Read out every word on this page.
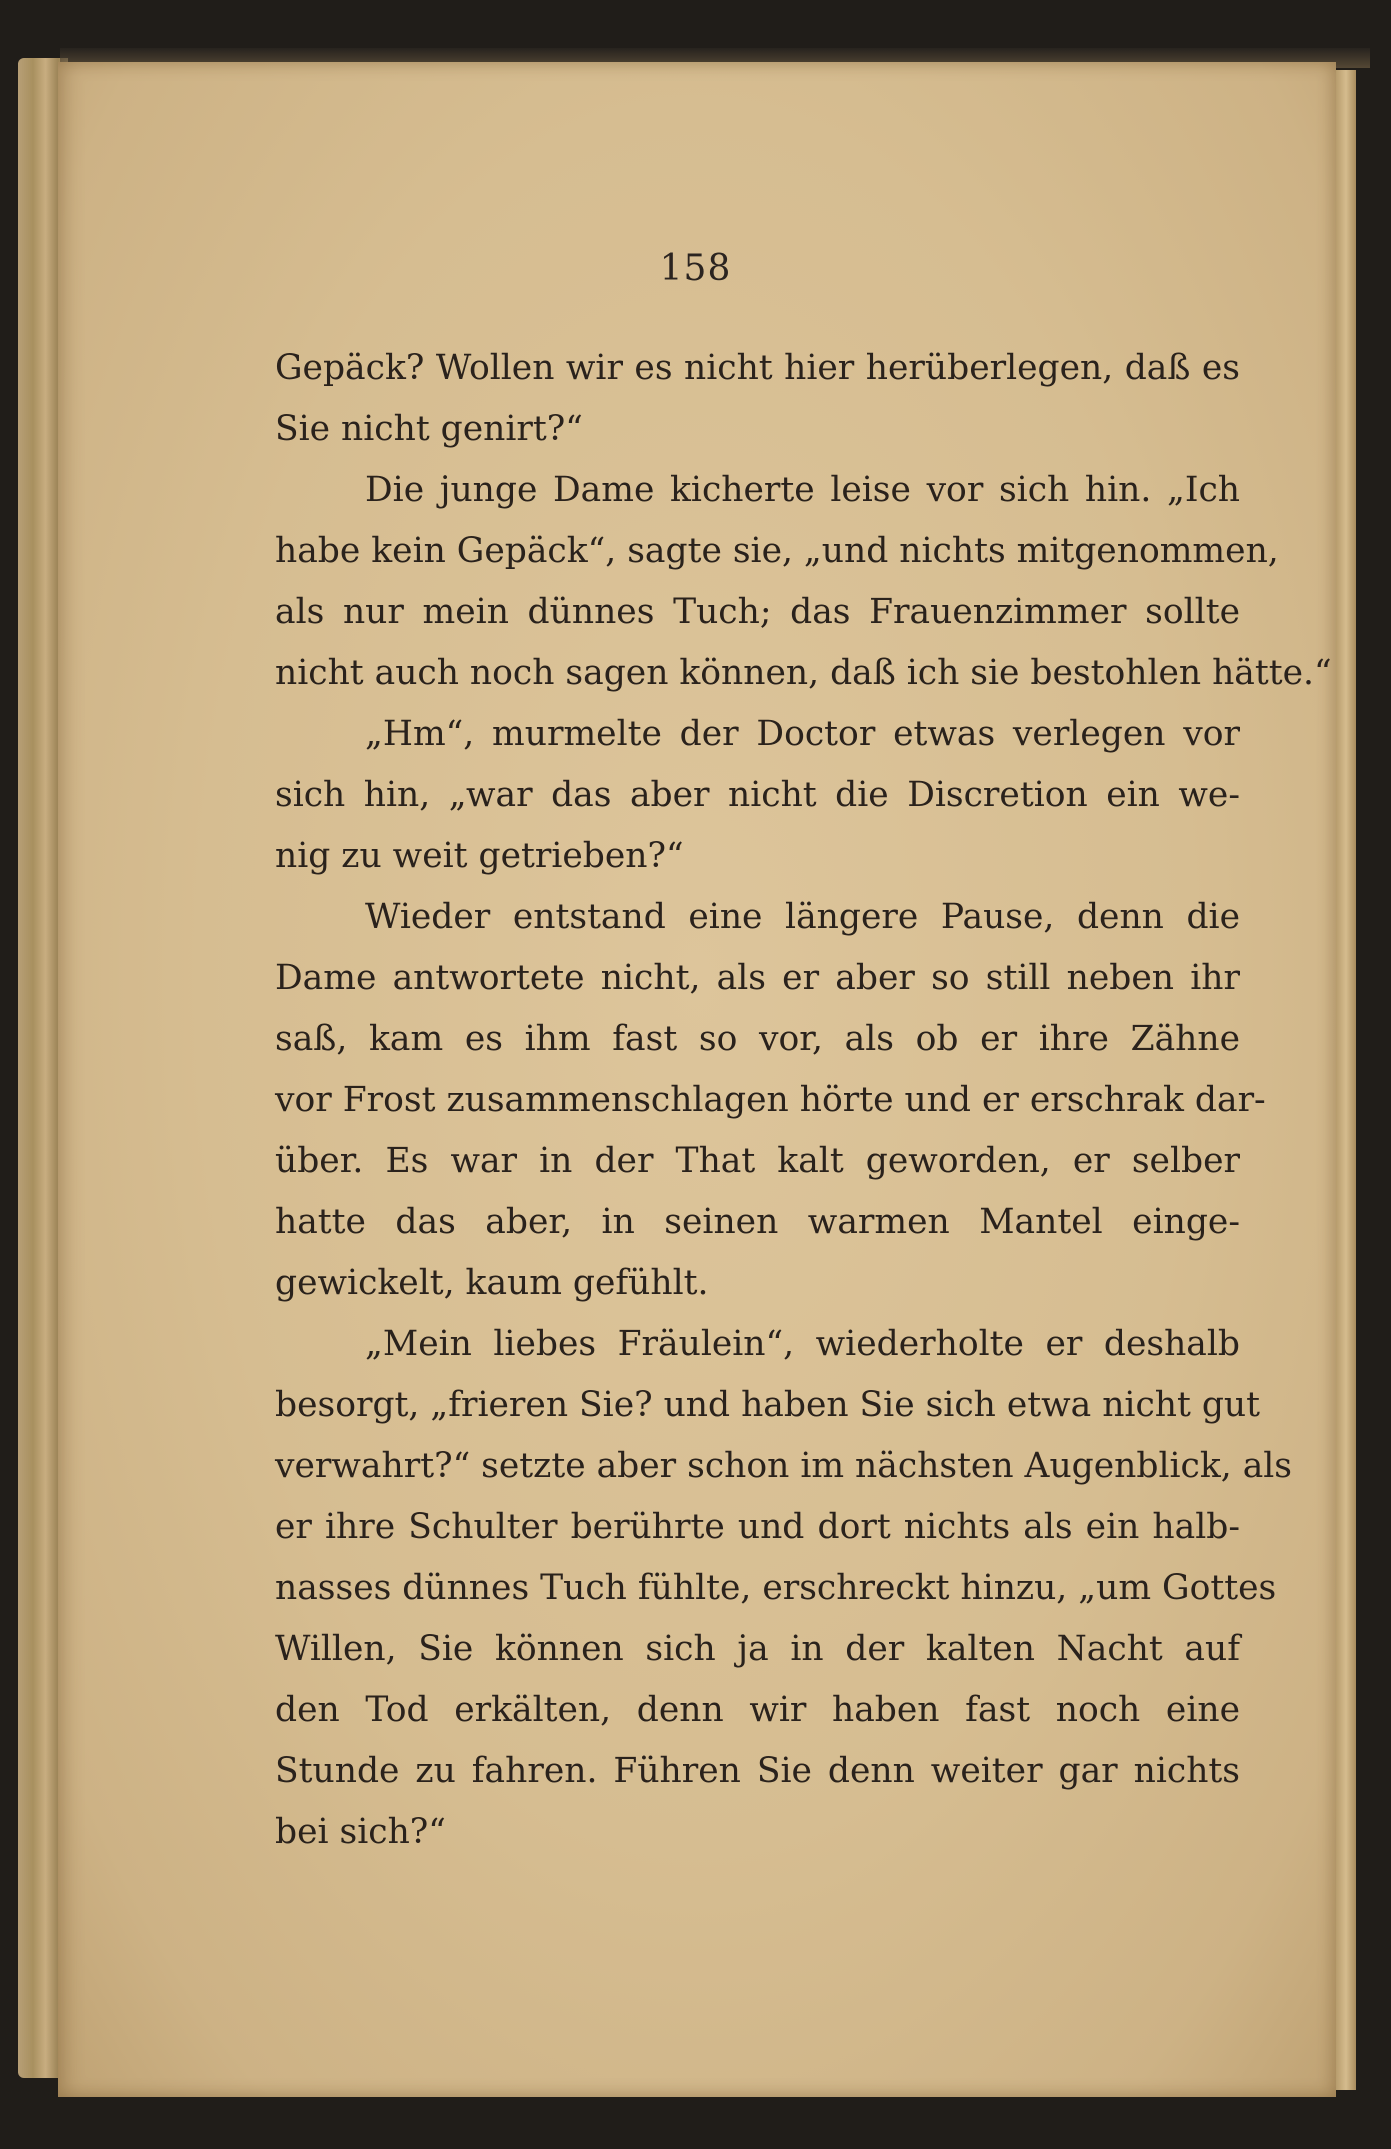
158
Gepäck? Wollen wir es nicht hier herüberlegen, daß es
Sie nicht genirt?“
Die junge Dame kicherte leise vor sich hin. „Ich
habe kein Gepäck“, sagte sie, „und nichts mitgenommen,
als nur mein dünnes Tuch; das Frauenzimmer sollte
nicht auch noch sagen können, daß ich sie bestohlen hätte.“
„Hm“, murmelte der Doctor etwas verlegen vor
sich hin, „war das aber nicht die Discretion ein we-
nig zu weit getrieben?“
Wieder entstand eine längere Pause, denn die
Dame antwortete nicht, als er aber so still neben ihr
saß, kam es ihm fast so vor, als ob er ihre Zähne
vor Frost zusammenschlagen hörte und er erschrak dar-
über. Es war in der That kalt geworden, er selber
hatte das aber, in seinen warmen Mantel einge-
gewickelt, kaum gefühlt.
„Mein liebes Fräulein“, wiederholte er deshalb
besorgt, „frieren Sie? und haben Sie sich etwa nicht gut
verwahrt?“ setzte aber schon im nächsten Augenblick, als
er ihre Schulter berührte und dort nichts als ein halb-
nasses dünnes Tuch fühlte, erschreckt hinzu, „um Gottes
Willen, Sie können sich ja in der kalten Nacht auf
den Tod erkälten, denn wir haben fast noch eine
Stunde zu fahren. Führen Sie denn weiter gar nichts
bei sich?“
